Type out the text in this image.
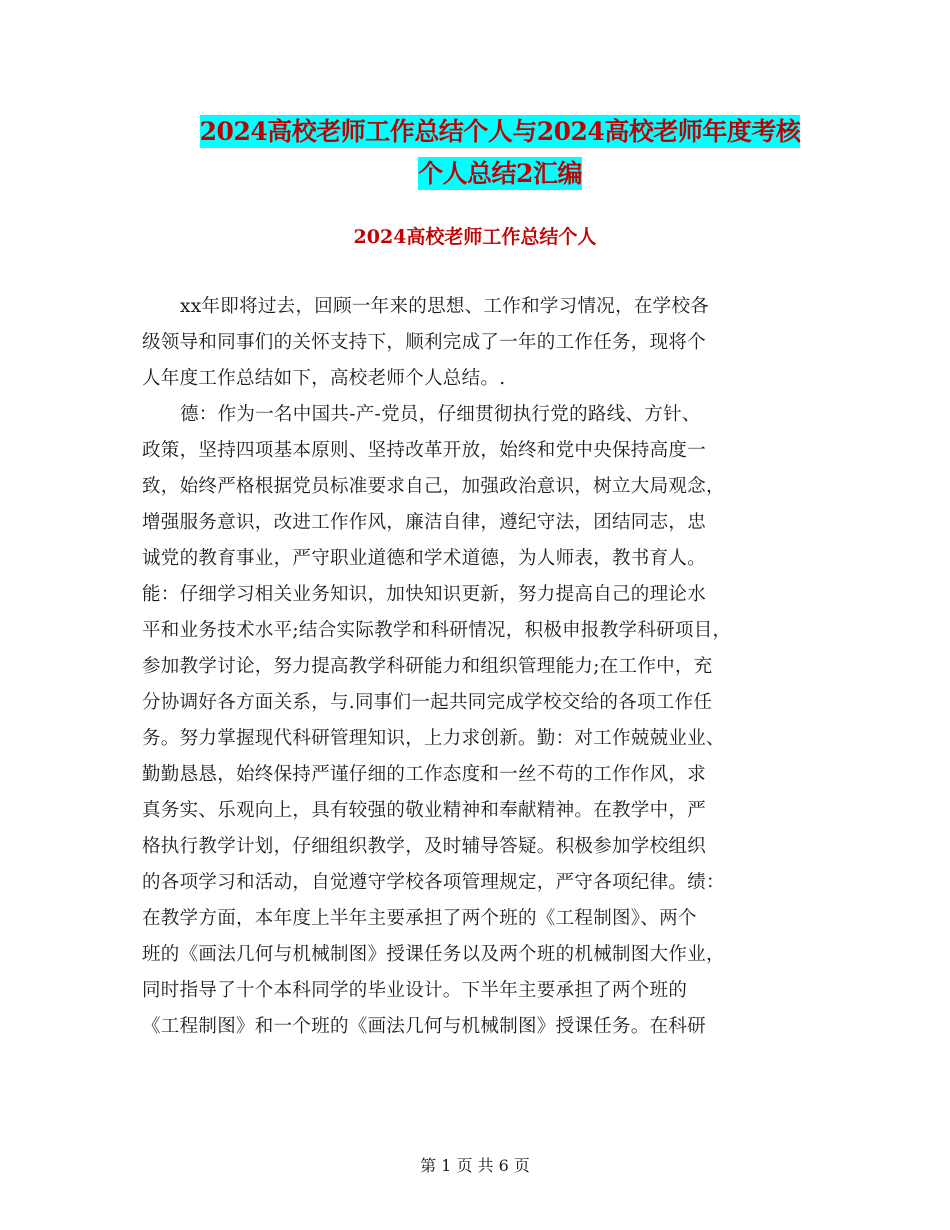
2024高校老师工作总结个人与2024高校老师年度考核
个人总结2汇编
2024高校老师工作总结个人
xx年即将过去，回顾一年来的思想、工作和学习情况，在学校各
级领导和同事们的关怀支持下，顺利完成了一年的工作任务，现将个
人年度工作总结如下，高校老师个人总结。.
德：作为一名中国共-产-党员，仔细贯彻执行党的路线、方针、
政策，坚持四项基本原则、坚持改革开放，始终和党中央保持高度一
致，始终严格根据党员标准要求自己，加强政治意识，树立大局观念，
增强服务意识，改进工作作风，廉洁自律，遵纪守法，团结同志，忠
诚党的教育事业，严守职业道德和学术道德，为人师表，教书育人。
能：仔细学习相关业务知识，加快知识更新，努力提高自己的理论水
平和业务技术水平;结合实际教学和科研情况，积极申报教学科研项目，
参加教学讨论，努力提高教学科研能力和组织管理能力;在工作中，充
分协调好各方面关系，与.同事们一起共同完成学校交给的各项工作任
务。努力掌握现代科研管理知识，上力求创新。勤：对工作兢兢业业、
勤勤恳恳，始终保持严谨仔细的工作态度和一丝不苟的工作作风，求
真务实、乐观向上，具有较强的敬业精神和奉献精神。在教学中，严
格执行教学计划，仔细组织教学，及时辅导答疑。积极参加学校组织
的各项学习和活动，自觉遵守学校各项管理规定，严守各项纪律。绩：
在教学方面，本年度上半年主要承担了两个班的《工程制图》、两个
班的《画法几何与机械制图》授课任务以及两个班的机械制图大作业，
同时指导了十个本科同学的毕业设计。下半年主要承担了两个班的
《工程制图》和一个班的《画法几何与机械制图》授课任务。在科研
第 1 页 共 6 页
